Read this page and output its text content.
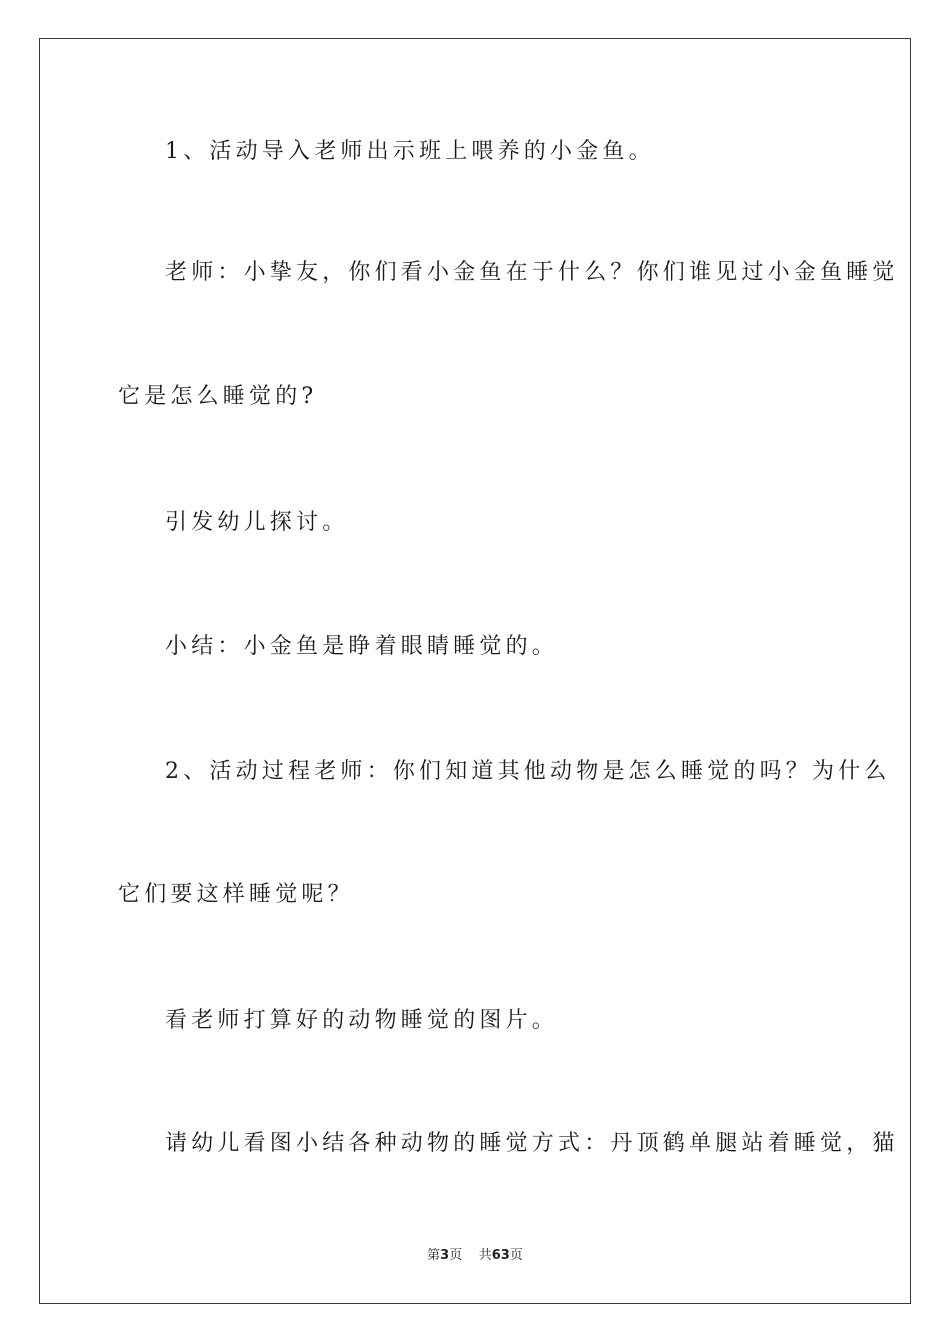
1、活动导入老师出示班上喂养的小金鱼。
老师：小挚友，你们看小金鱼在于什么？你们谁见过小金鱼睡觉
它是怎么睡觉的?
引发幼儿探讨。
小结：小金鱼是睁着眼睛睡觉的。
2、活动过程老师：你们知道其他动物是怎么睡觉的吗？为什么
它们要这样睡觉呢？
看老师打算好的动物睡觉的图片。
请幼儿看图小结各种动物的睡觉方式：丹顶鹤单腿站着睡觉，猫
第3页 共63页
